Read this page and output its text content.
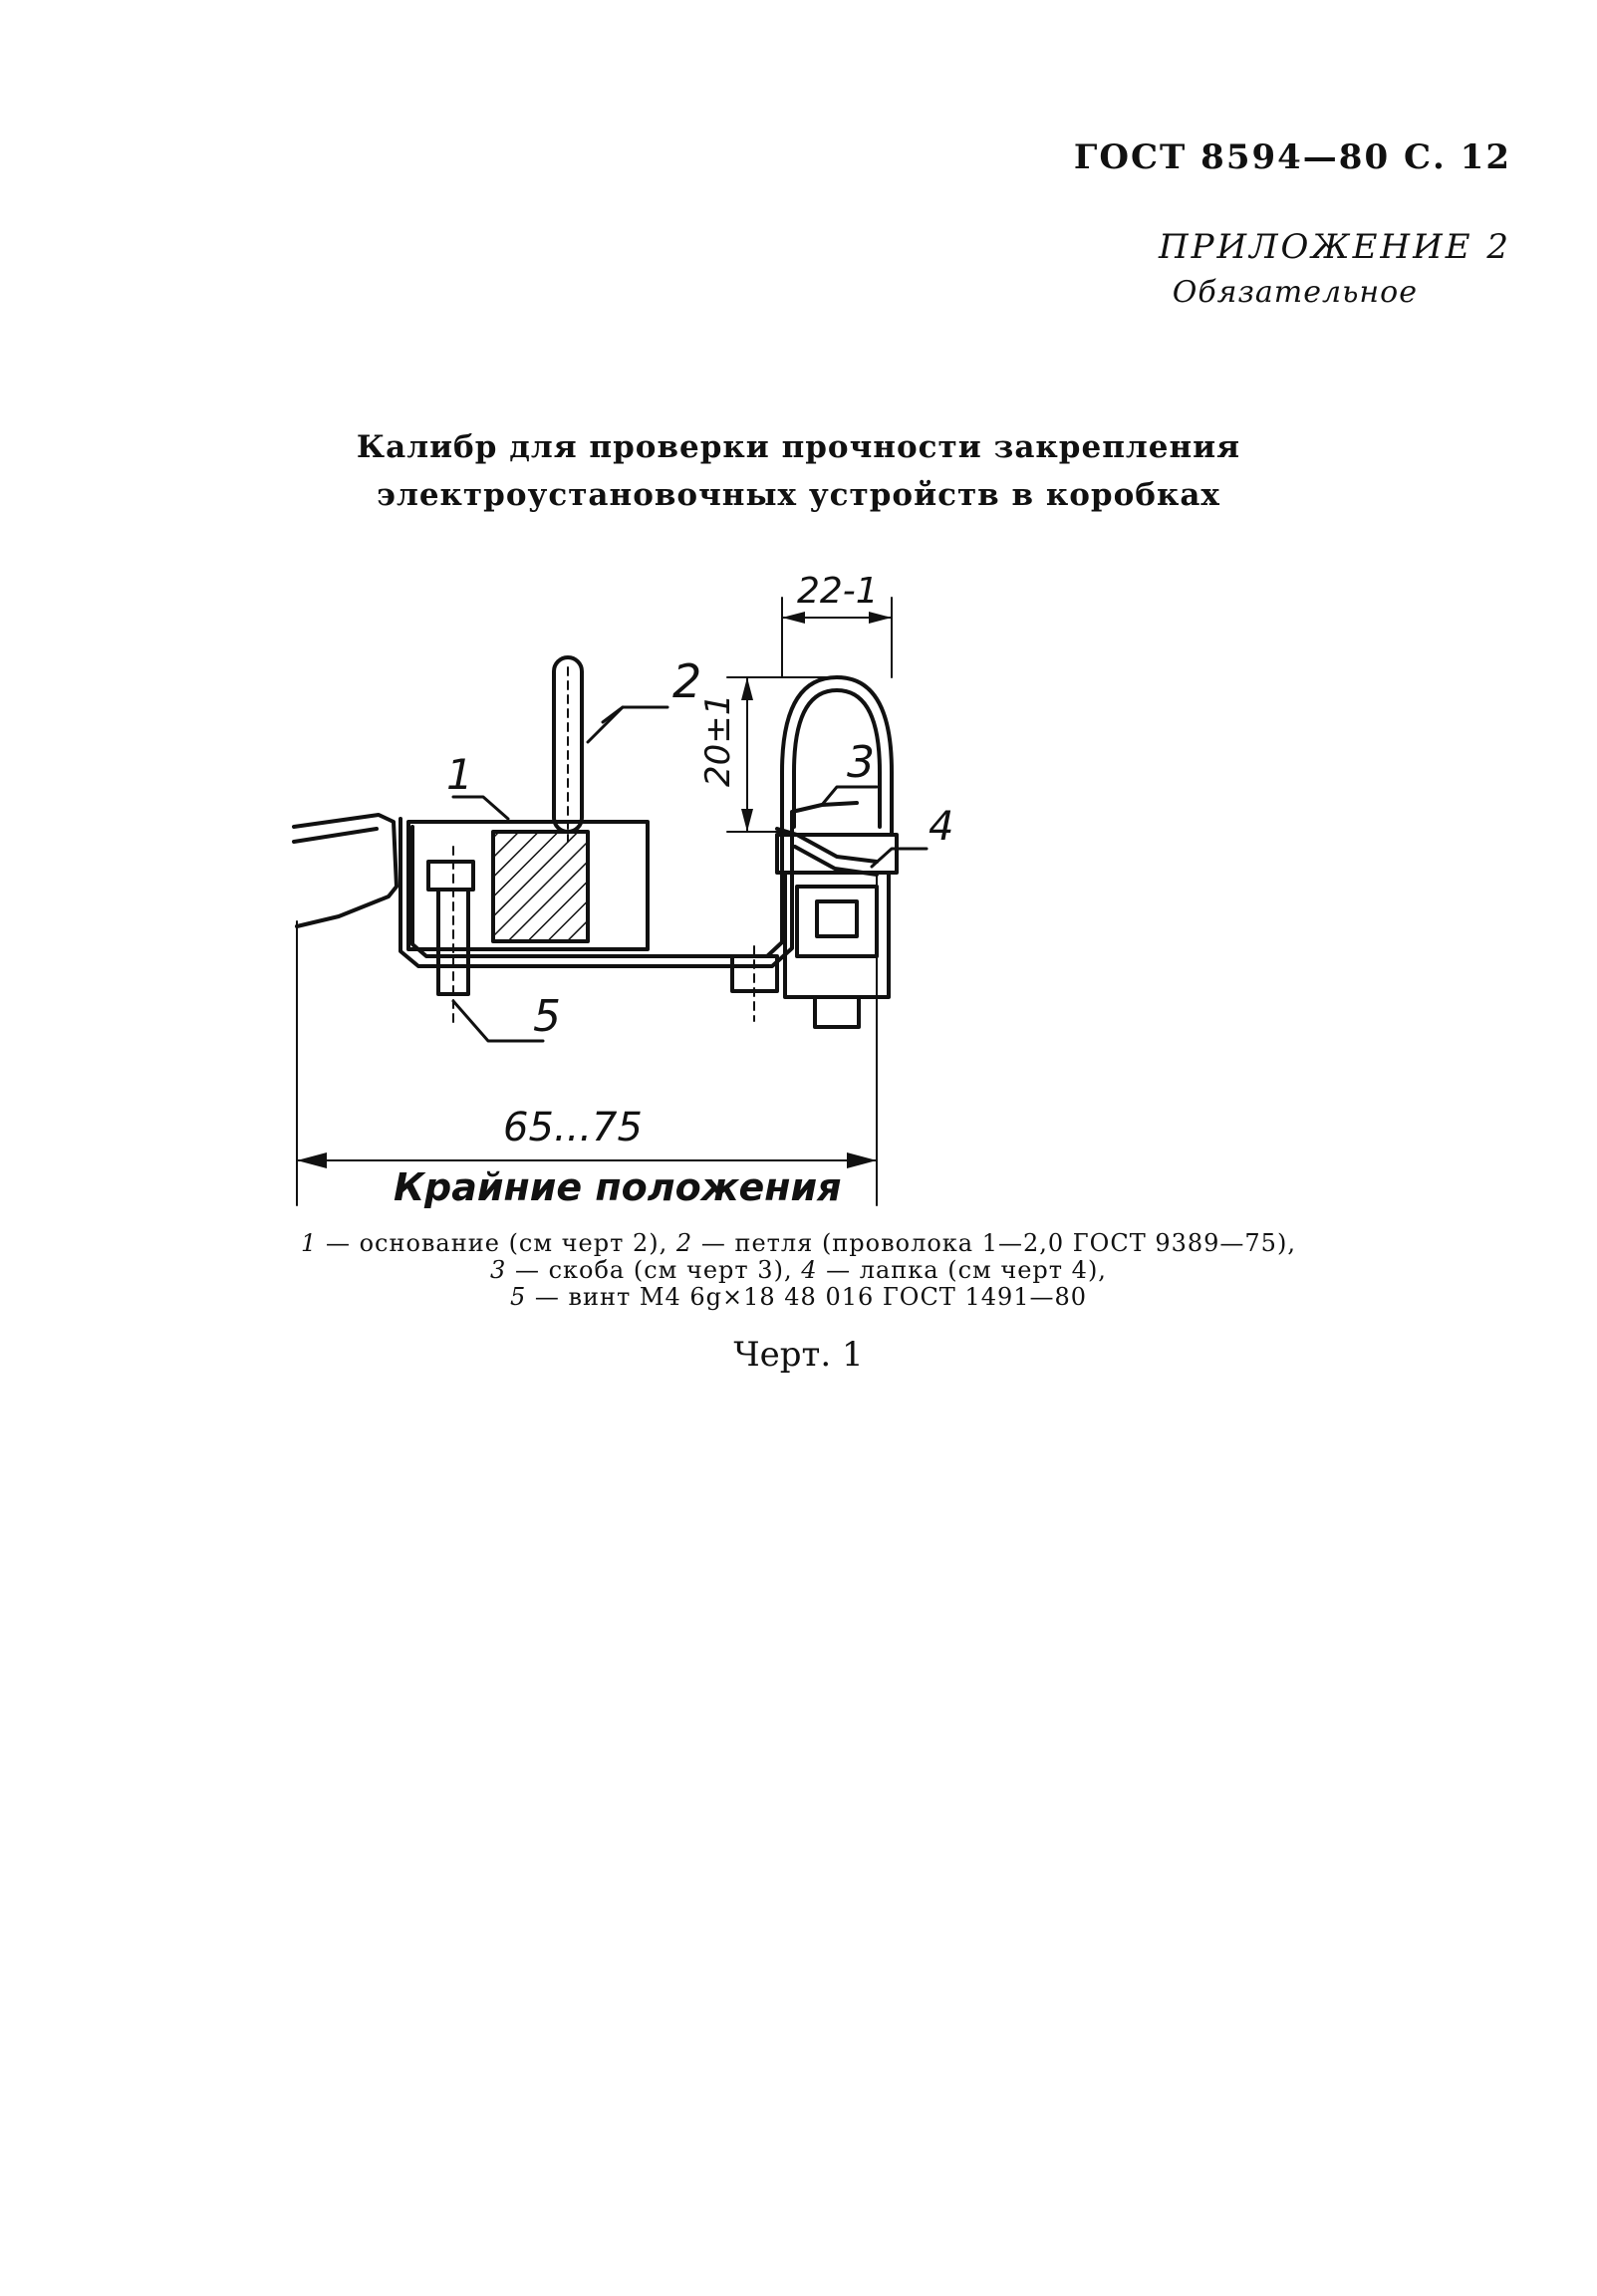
ГОСТ 8594—80 С. 12
ПРИЛОЖЕНИЕ 2
Обязательное
Калибр для проверки прочности закрепления
электроустановочных устройств в коробках
2
1	3
4
5
65...75
Крайние положения
22-1
20±1
1 — основание (см черт 2), 2 — петля (проволока 1—2,0 ГОСТ 9389—75),
3 — скоба (см черт 3), 4 — лапка (см черт 4),
5 — винт М4 6g×18 48 016 ГОСТ 1491—80
Черт. 1
